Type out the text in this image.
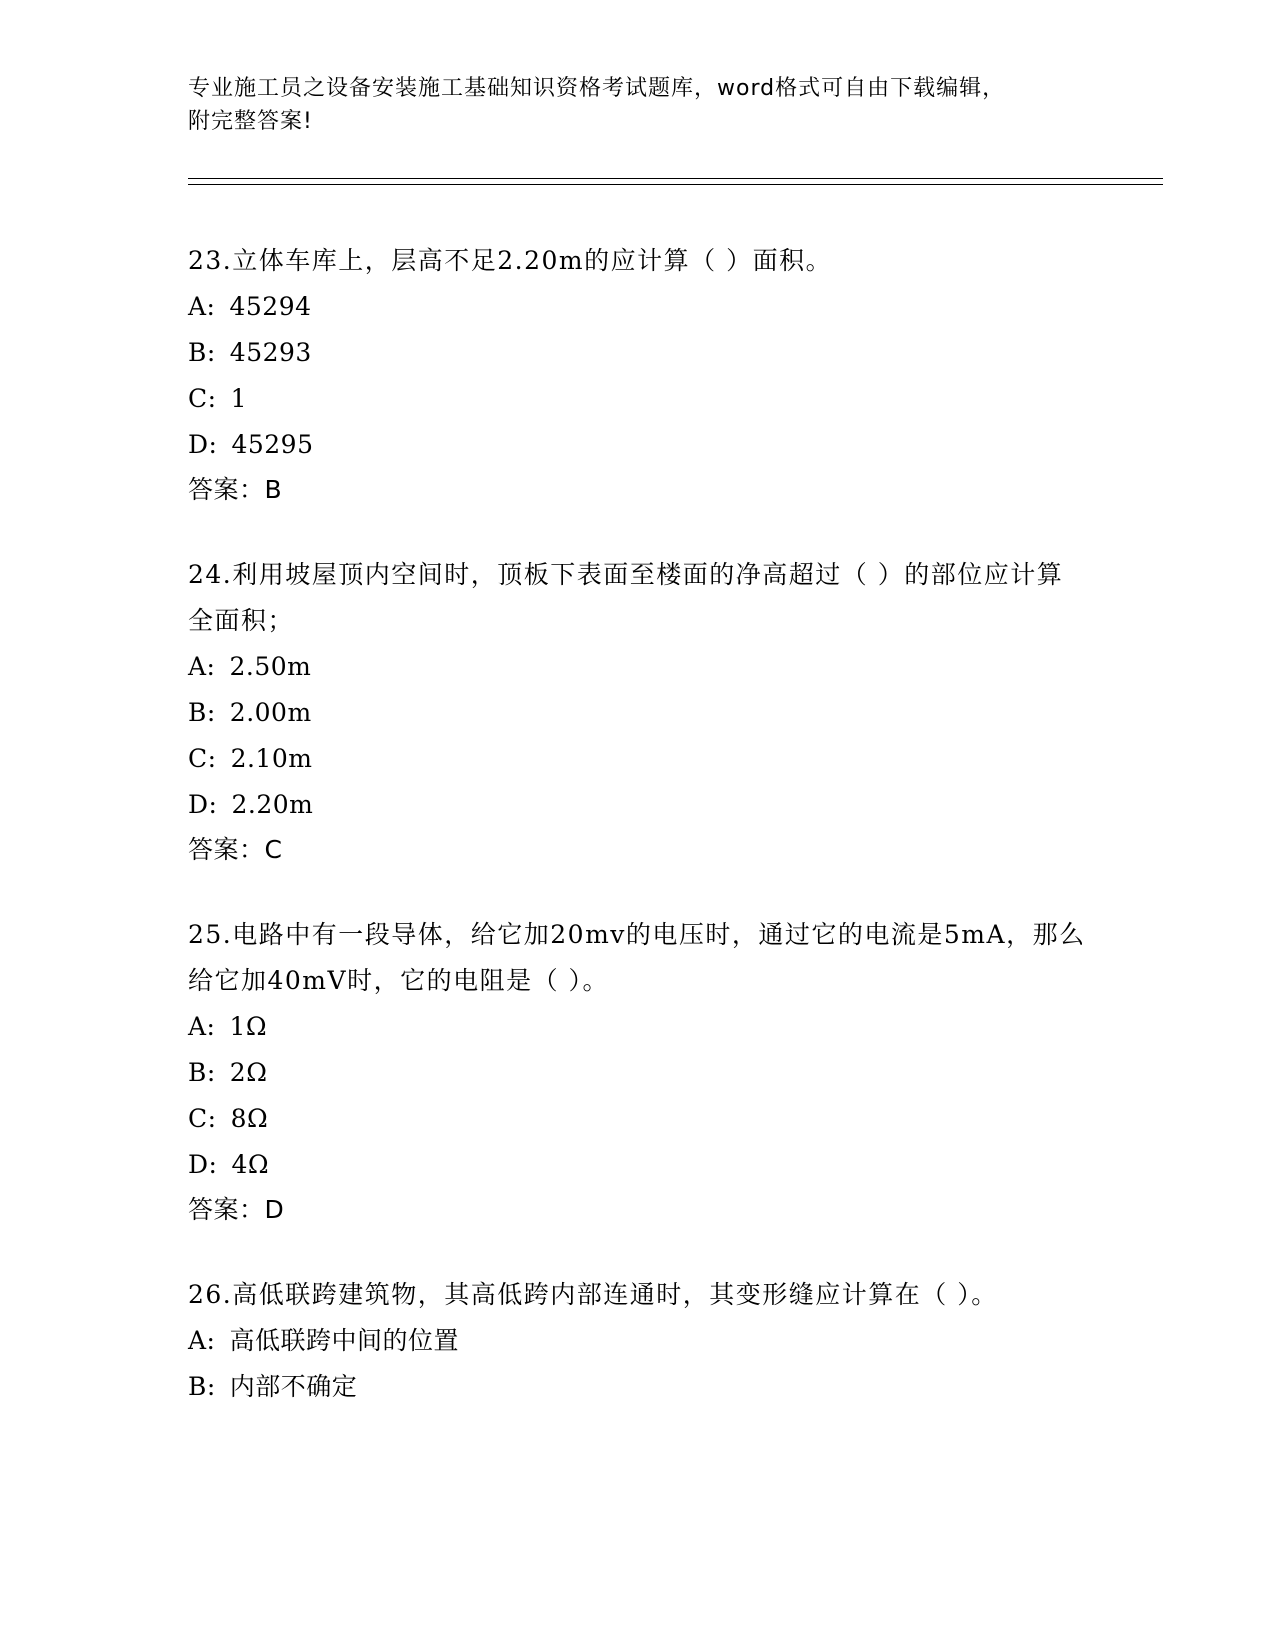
专业施工员之设备安装施工基础知识资格考试题库，word格式可自由下载编辑，
附完整答案!

23.立体车库上，层高不足2.20m的应计算（ ）面积。

A: 45294

B: 45293

C: 1

D: 45295

答案：B

24.利用坡屋顶内空间时，顶板下表面至楼面的净高超过（ ）的部位应计算全面积；

A: 2.50m

B: 2.00m

C: 2.10m

D: 2.20m

答案：C

25.电路中有一段导体，给它加20mv的电压时，通过它的电流是5mA，那么给它加40mV时，它的电阻是（ ）。

A: 1Ω

B: 2Ω

C: 8Ω

D: 4Ω

答案：D

26.高低联跨建筑物，其高低跨内部连通时，其变形缝应计算在（ ）。

A: 高低联跨中间的位置

B: 内部不确定
